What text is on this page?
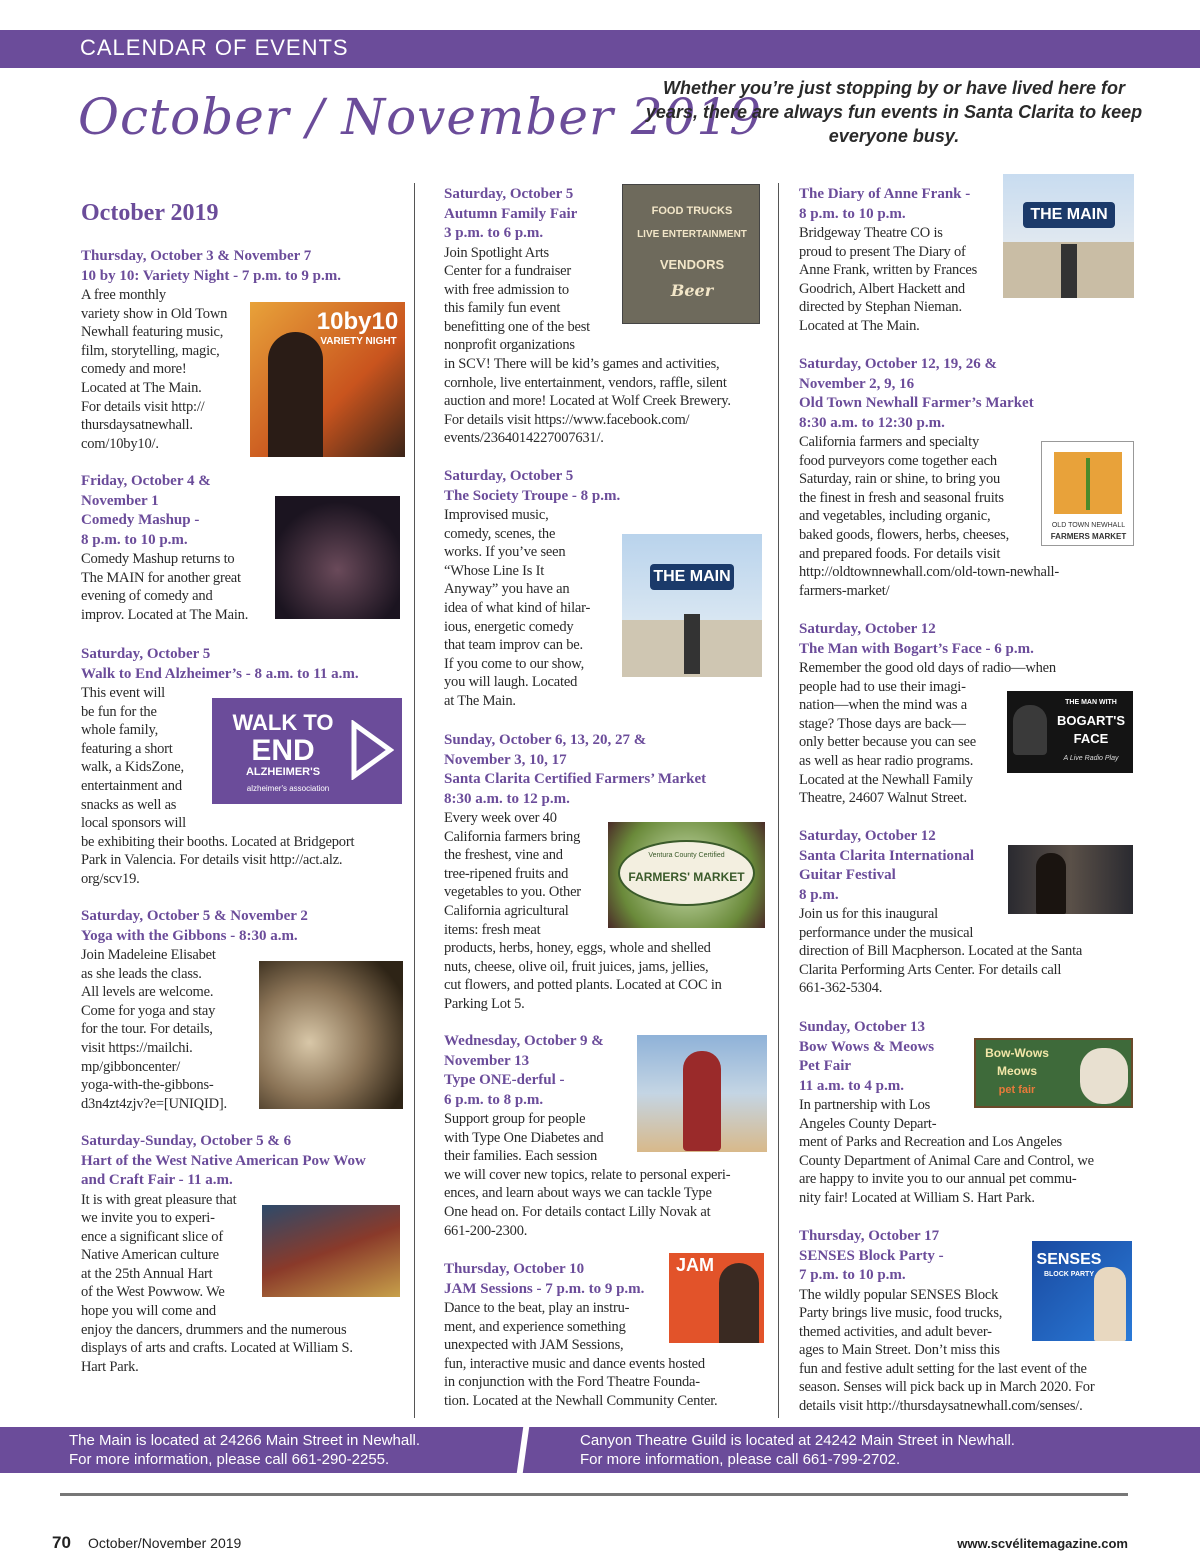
CALENDAR OF EVENTS
October / November 2019
Whether you’re just stopping by or have lived here for years, there are always fun events in Santa Clarita to keep everyone busy.
October 2019
Thursday, October 3 & November 7
10 by 10: Variety Night - 7 p.m. to 9 p.m.
A free monthly
variety show in Old Town
Newhall featuring music,
film, storytelling, magic,
comedy and more!
Located at The Main.
For details visit http://
thursdaysatnewhall.
com/10by10/.
Friday, October 4 &
November 1
Comedy Mashup -
8 p.m. to 10 p.m.
Comedy Mashup returns to
The MAIN for another great
evening of comedy and
improv. Located at The Main.
Saturday, October 5
Walk to End Alzheimer’s - 8 a.m. to 11 a.m.
This event will
be fun for the
whole family,
featuring a short
walk, a KidsZone,
entertainment and
snacks as well as
local sponsors will
be exhibiting their booths. Located at Bridgeport
Park in Valencia. For details visit http://act.alz.
org/scv19.
Saturday, October 5 & November 2
Yoga with the Gibbons - 8:30 a.m.
Join Madeleine Elisabet
as she leads the class.
All levels are welcome.
Come for yoga and stay
for the tour. For details,
visit https://mailchi.
mp/gibboncenter/
yoga-with-the-gibbons-
d3n4zt4zjv?e=[UNIQID].
Saturday-Sunday, October 5 & 6
Hart of the West Native American Pow Wow
and Craft Fair - 11 a.m.
It is with great pleasure that
we invite you to experi-
ence a significant slice of
Native American culture
at the 25th Annual Hart
of the West Powwow. We
hope you will come and
enjoy the dancers, drummers and the numerous
displays of arts and crafts. Located at William S.
Hart Park.
Saturday, October 5
Autumn Family Fair
3 p.m. to 6 p.m.
Join Spotlight Arts
Center for a fundraiser
with free admission to
this family fun event
benefitting one of the best
nonprofit organizations
in SCV! There will be kid’s games and activities,
cornhole, live entertainment, vendors, raffle, silent
auction and more! Located at Wolf Creek Brewery.
For details visit https://www.facebook.com/
events/2364014227007631/.
Saturday, October 5
The Society Troupe - 8 p.m.
Improvised music,
comedy, scenes, the
works. If you’ve seen
“Whose Line Is It
Anyway” you have an
idea of what kind of hilar-
ious, energetic comedy
that team improv can be.
If you come to our show,
you will laugh. Located
at The Main.
Sunday, October 6, 13, 20, 27 &
November 3, 10, 17
Santa Clarita Certified Farmers’ Market
8:30 a.m. to 12 p.m.
Every week over 40
California farmers bring
the freshest, vine and
tree-ripened fruits and
vegetables to you. Other
California agricultural
items: fresh meat
products, herbs, honey, eggs, whole and shelled
nuts, cheese, olive oil, fruit juices, jams, jellies,
cut flowers, and potted plants. Located at COC in
Parking Lot 5.
Wednesday, October 9 &
November 13
Type ONE-derful -
6 p.m. to 8 p.m.
Support group for people
with Type One Diabetes and
their families. Each session
we will cover new topics, relate to personal experi-
ences, and learn about ways we can tackle Type
One head on. For details contact Lilly Novak at
661-200-2300.
Thursday, October 10
JAM Sessions - 7 p.m. to 9 p.m.
Dance to the beat, play an instru-
ment, and experience something
unexpected with JAM Sessions,
fun, interactive music and dance events hosted
in conjunction with the Ford Theatre Founda-
tion. Located at the Newhall Community Center.
The Diary of Anne Frank -
8 p.m. to 10 p.m.
Bridgeway Theatre CO is
proud to present The Diary of
Anne Frank, written by Frances
Goodrich, Albert Hackett and
directed by Stephan Nieman.
Located at The Main.
Saturday, October 12, 19, 26 &
November 2, 9, 16
Old Town Newhall Farmer’s Market
8:30 a.m. to 12:30 p.m.
California farmers and specialty
food purveyors come together each
Saturday, rain or shine, to bring you
the finest in fresh and seasonal fruits
and vegetables, including organic,
baked goods, flowers, herbs, cheeses,
and prepared foods. For details visit
http://oldtownnewhall.com/old-town-newhall-
farmers-market/
Saturday, October 12
The Man with Bogart’s Face - 6 p.m.
Remember the good old days of radio—when
people had to use their imagi-
nation—when the mind was a
stage? Those days are back—
only better because you can see
as well as hear radio programs.
Located at the Newhall Family
Theatre, 24607 Walnut Street.
Saturday, October 12
Santa Clarita International
Guitar Festival
8 p.m.
Join us for this inaugural
performance under the musical
direction of Bill Macpherson. Located at the Santa
Clarita Performing Arts Center. For details call
661-362-5304.
Sunday, October 13
Bow Wows & Meows
Pet Fair
11 a.m. to 4 p.m.
In partnership with Los
Angeles County Depart-
ment of Parks and Recreation and Los Angeles
County Department of Animal Care and Control, we
are happy to invite you to our annual pet commu-
nity fair! Located at William S. Hart Park.
Thursday, October 17
SENSES Block Party -
7 p.m. to 10 p.m.
The wildly popular SENSES Block
Party brings live music, food trucks,
themed activities, and adult bever-
ages to Main Street. Don’t miss this
fun and festive adult setting for the last event of the
season. Senses will pick back up in March 2020. For
details visit http://thursdaysatnewhall.com/senses/.
10by10
VARIETY NIGHT
WALK TO
END
ALZHEIMER'S
alzheimer's association
FOOD TRUCKS
LIVE ENTERTAINMENT
VENDORS
Beer
THE MAIN
Ventura County Certified
FARMERS' MARKET
JAM
THE MAIN
OLD TOWN NEWHALL
FARMERS MARKET
THE MAN WITH
BOGART'S
FACE
A Live Radio Play
Bow-Wows
Meows
pet fair
SENSES
BLOCK PARTY
The Main is located at 24266 Main Street in Newhall.
For more information, please call 661-290-2255.
Canyon Theatre Guild is located at 24242 Main Street in Newhall.
For more information, please call 661-799-2702.
70 October/November 2019	www.scvélitemagazine.com
